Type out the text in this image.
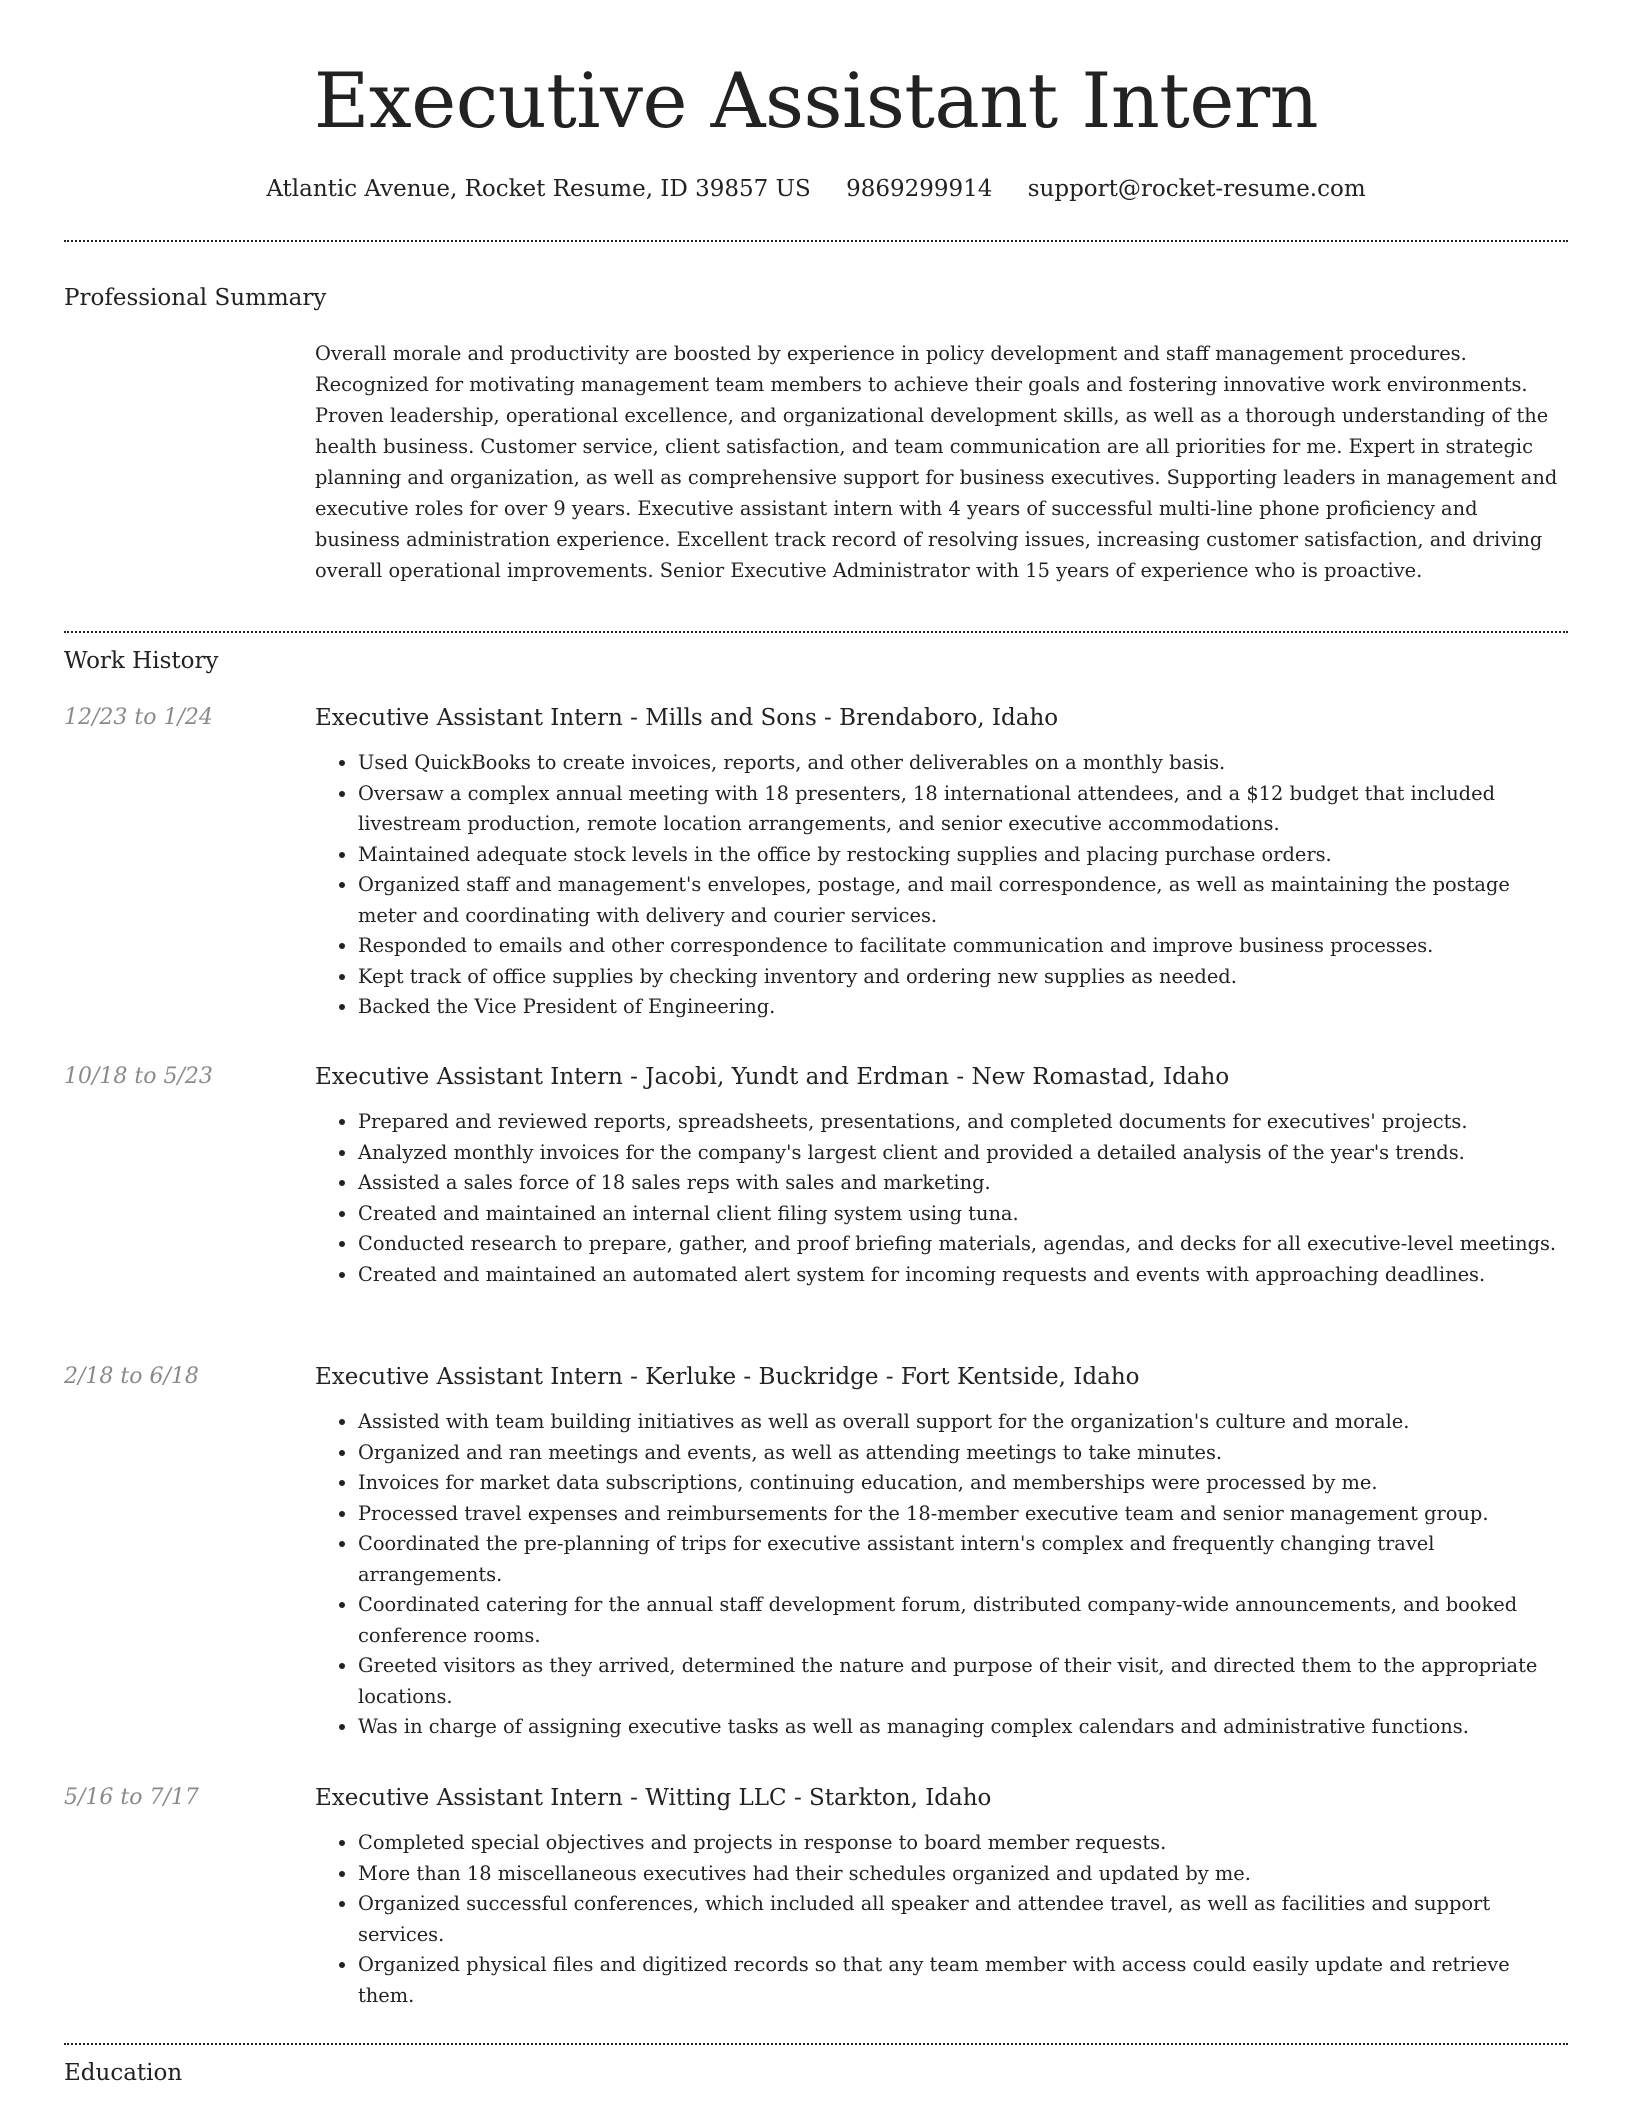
Executive Assistant Intern
Atlantic Avenue, Rocket Resume, ID 39857 US 9869299914 support@rocket-resume.com
Professional Summary
Overall morale and productivity are boosted by experience in policy development and staff management procedures. Recognized for motivating management team members to achieve their goals and fostering innovative work environments. Proven leadership, operational excellence, and organizational development skills, as well as a thorough understanding of the health business. Customer service, client satisfaction, and team communication are all priorities for me. Expert in strategic planning and organization, as well as comprehensive support for business executives. Supporting leaders in management and executive roles for over 9 years. Executive assistant intern with 4 years of successful multi-line phone proficiency and business administration experience. Excellent track record of resolving issues, increasing customer satisfaction, and driving overall operational improvements. Senior Executive Administrator with 15 years of experience who is proactive.
Work History
12/23 to 1/24	Executive Assistant Intern - Mills and Sons - Brendaboro, Idaho
• Used QuickBooks to create invoices, reports, and other deliverables on a monthly basis.
• Oversaw a complex annual meeting with 18 presenters, 18 international attendees, and a $12 budget that included livestream production, remote location arrangements, and senior executive accommodations.
• Maintained adequate stock levels in the office by restocking supplies and placing purchase orders.
• Organized staff and management's envelopes, postage, and mail correspondence, as well as maintaining the postage meter and coordinating with delivery and courier services.
• Responded to emails and other correspondence to facilitate communication and improve business processes.
• Kept track of office supplies by checking inventory and ordering new supplies as needed.
• Backed the Vice President of Engineering.
10/18 to 5/23	Executive Assistant Intern - Jacobi, Yundt and Erdman - New Romastad, Idaho
• Prepared and reviewed reports, spreadsheets, presentations, and completed documents for executives' projects.
• Analyzed monthly invoices for the company's largest client and provided a detailed analysis of the year's trends.
• Assisted a sales force of 18 sales reps with sales and marketing.
• Created and maintained an internal client filing system using tuna.
• Conducted research to prepare, gather, and proof briefing materials, agendas, and decks for all executive-level meetings.
• Created and maintained an automated alert system for incoming requests and events with approaching deadlines.
2/18 to 6/18	Executive Assistant Intern - Kerluke - Buckridge - Fort Kentside, Idaho
• Assisted with team building initiatives as well as overall support for the organization's culture and morale.
• Organized and ran meetings and events, as well as attending meetings to take minutes.
• Invoices for market data subscriptions, continuing education, and memberships were processed by me.
• Processed travel expenses and reimbursements for the 18-member executive team and senior management group.
• Coordinated the pre-planning of trips for executive assistant intern's complex and frequently changing travel arrangements.
• Coordinated catering for the annual staff development forum, distributed company-wide announcements, and booked conference rooms.
• Greeted visitors as they arrived, determined the nature and purpose of their visit, and directed them to the appropriate locations.
• Was in charge of assigning executive tasks as well as managing complex calendars and administrative functions.
5/16 to 7/17	Executive Assistant Intern - Witting LLC - Starkton, Idaho
• Completed special objectives and projects in response to board member requests.
• More than 18 miscellaneous executives had their schedules organized and updated by me.
• Organized successful conferences, which included all speaker and attendee travel, as well as facilities and support services.
• Organized physical files and digitized records so that any team member with access could easily update and retrieve them.
Education
